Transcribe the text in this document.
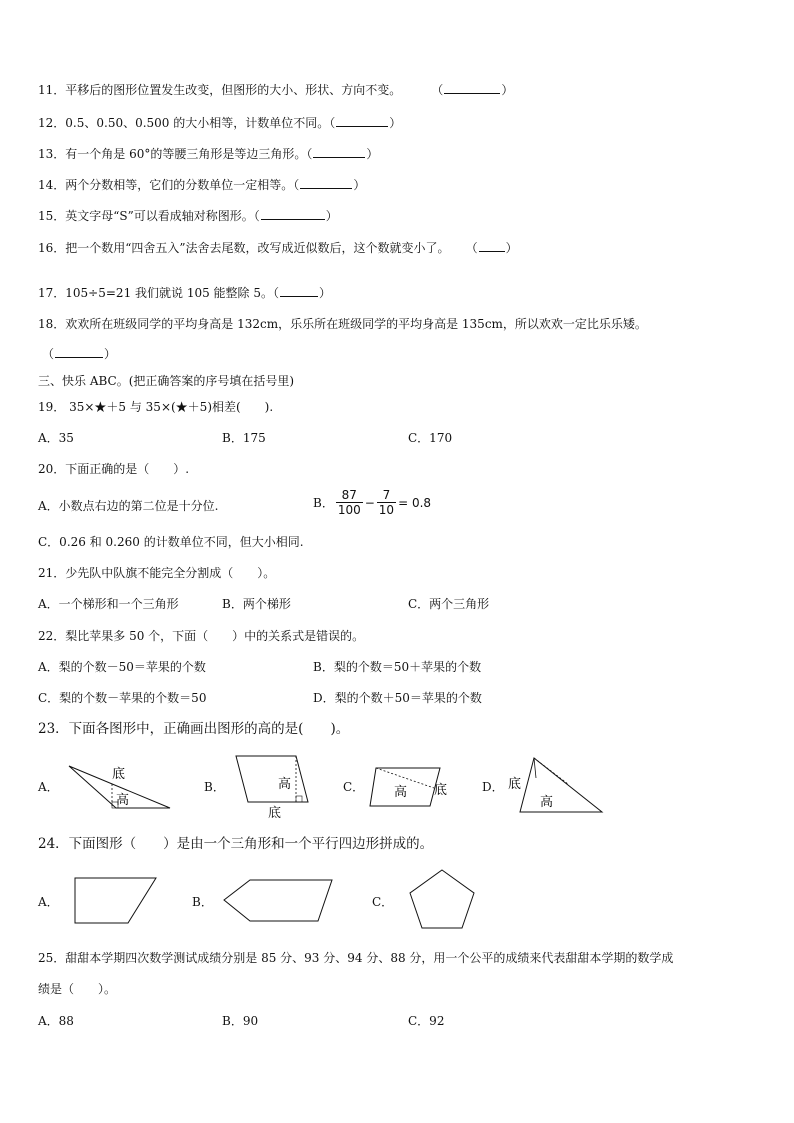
11．平移后的图形位置发生改变，但图形的大小、形状、方向不变。	（	）
12．0.5、0.50、0.500 的大小相等，计数单位不同。（	）
13．有一个角是 60°的等腰三角形是等边三角形。（	）
14．两个分数相等，它们的分数单位一定相等。（	）
15．英文字母“S”可以看成轴对称图形。（	）
16．把一个数用“四舍五入”法舍去尾数，改写成近似数后，这个数就变小了。 （ ）
17．105÷5=21 我们就说 105 能整除 5。（	）
18．欢欢所在班级同学的平均身高是 132cm，乐乐所在班级同学的平均身高是 135cm，所以欢欢一定比乐乐矮。
（	）
三、快乐 ABC。(把正确答案的序号填在括号里)
19． 35×★＋5 与 35×(★＋5)相差(　　).
A．35	B．175	C．170
20．下面正确的是（　　）.
A．小数点右边的第二位是十分位.	B． $\frac{87}{100} - \frac{7}{10} = 0.8$
C．0.26 和 0.260 的计数单位不同，但大小相同.
21．少先队中队旗不能完全分割成（　　）。
A．一个梯形和一个三角形	B．两个梯形	C．两个三角形
22．梨比苹果多 50 个，下面（　　）中的关系式是错误的。
A．梨的个数－50＝苹果的个数	B．梨的个数＝50＋苹果的个数
C．梨的个数－苹果的个数＝50	D．梨的个数＋50＝苹果的个数
23．下面各图形中，正确画出图形的高的是(　　)。
A．
底
高
B．	高
底
C． 高 底	D． 底
高
24．下面图形（　　）是由一个三角形和一个平行四边形拼成的。
A．	B．	C．
25．甜甜本学期四次数学测试成绩分别是 85 分、93 分、94 分、88 分，用一个公平的成绩来代表甜甜本学期的数学成
绩是（　　）。
A．88	B．90	C．92
